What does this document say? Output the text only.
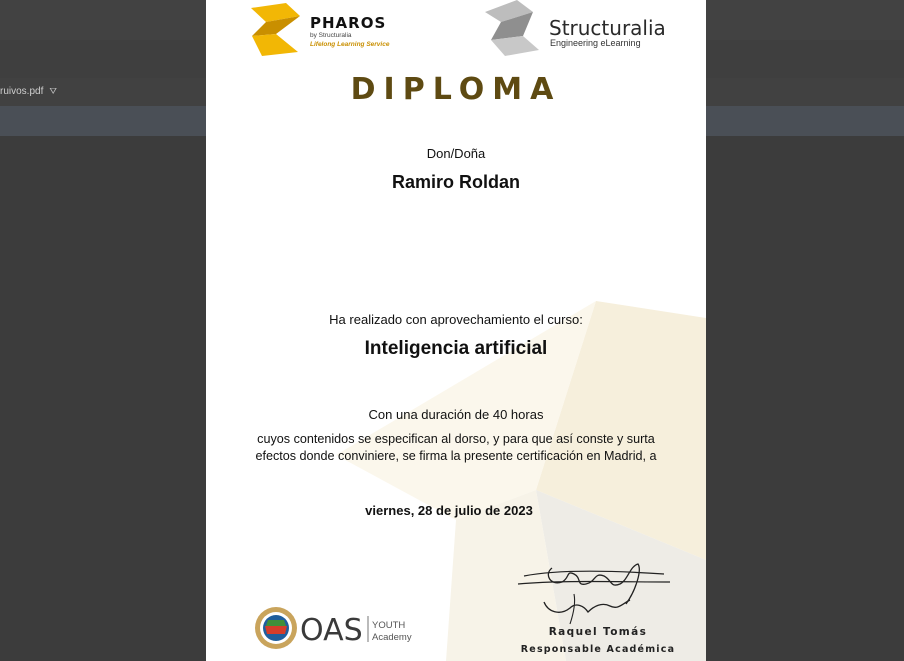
ruivos.pdf ⛛
PHAROS
by Structuralia
Lifelong Learning Service
Structuralia
Engineering eLearning
DIPLOMA
Don/Doña
Ramiro Roldan
Ha realizado con aprovechamiento el curso:
Inteligencia artificial
Con una duración de 40 horas
cuyos contenidos se especifican al dorso, y para que así conste y surta
efectos donde conviniere, se firma la presente certificación en Madrid, a
viernes, 28 de julio de 2023
Raquel Tomás
Responsable Académica
OAS YOUTH
Academy
